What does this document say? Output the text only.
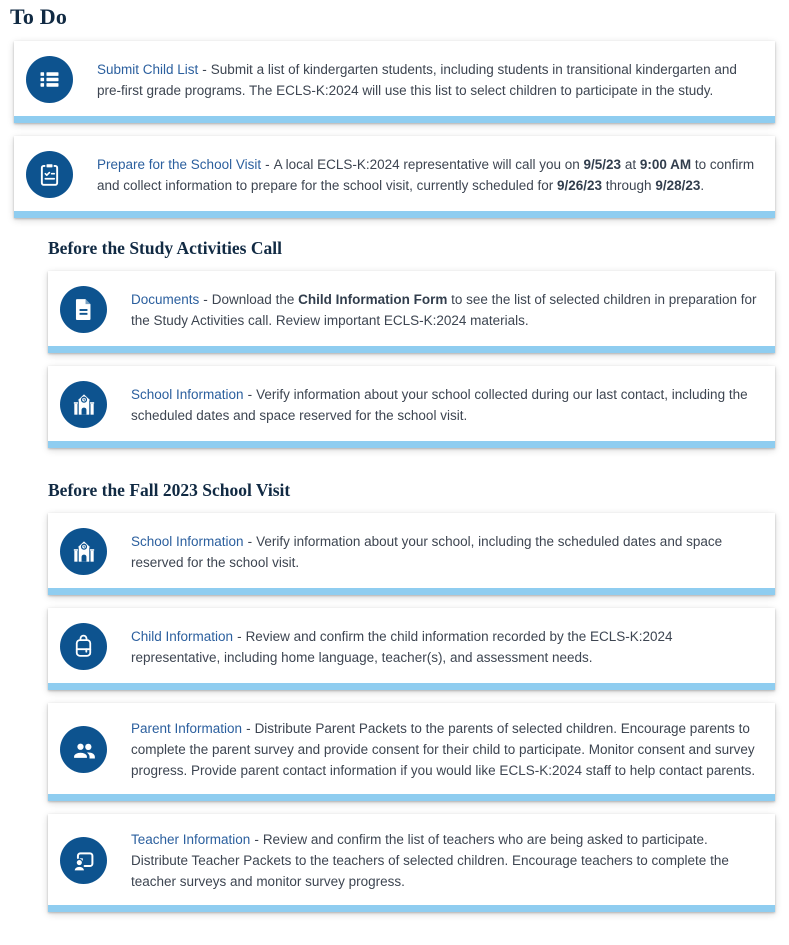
To Do

Submit Child List - Submit a list of kindergarten students, including students in transitional kindergarten and pre-first grade programs. The ECLS-K:2024 will use this list to select children to participate in the study.

Prepare for the School Visit - A local ECLS-K:2024 representative will call you on 9/5/23 at 9:00 AM to confirm and collect information to prepare for the school visit, currently scheduled for 9/26/23 through 9/28/23.

Before the Study Activities Call

Documents - Download the Child Information Form to see the list of selected children in preparation for the Study Activities call. Review important ECLS-K:2024 materials.

School Information - Verify information about your school collected during our last contact, including the scheduled dates and space reserved for the school visit.

Before the Fall 2023 School Visit

School Information - Verify information about your school, including the scheduled dates and space reserved for the school visit.

Child Information - Review and confirm the child information recorded by the ECLS-K:2024 representative, including home language, teacher(s), and assessment needs.

Parent Information - Distribute Parent Packets to the parents of selected children. Encourage parents to complete the parent survey and provide consent for their child to participate. Monitor consent and survey progress. Provide parent contact information if you would like ECLS-K:2024 staff to help contact parents.

Teacher Information - Review and confirm the list of teachers who are being asked to participate. Distribute Teacher Packets to the teachers of selected children. Encourage teachers to complete the teacher surveys and monitor survey progress.
